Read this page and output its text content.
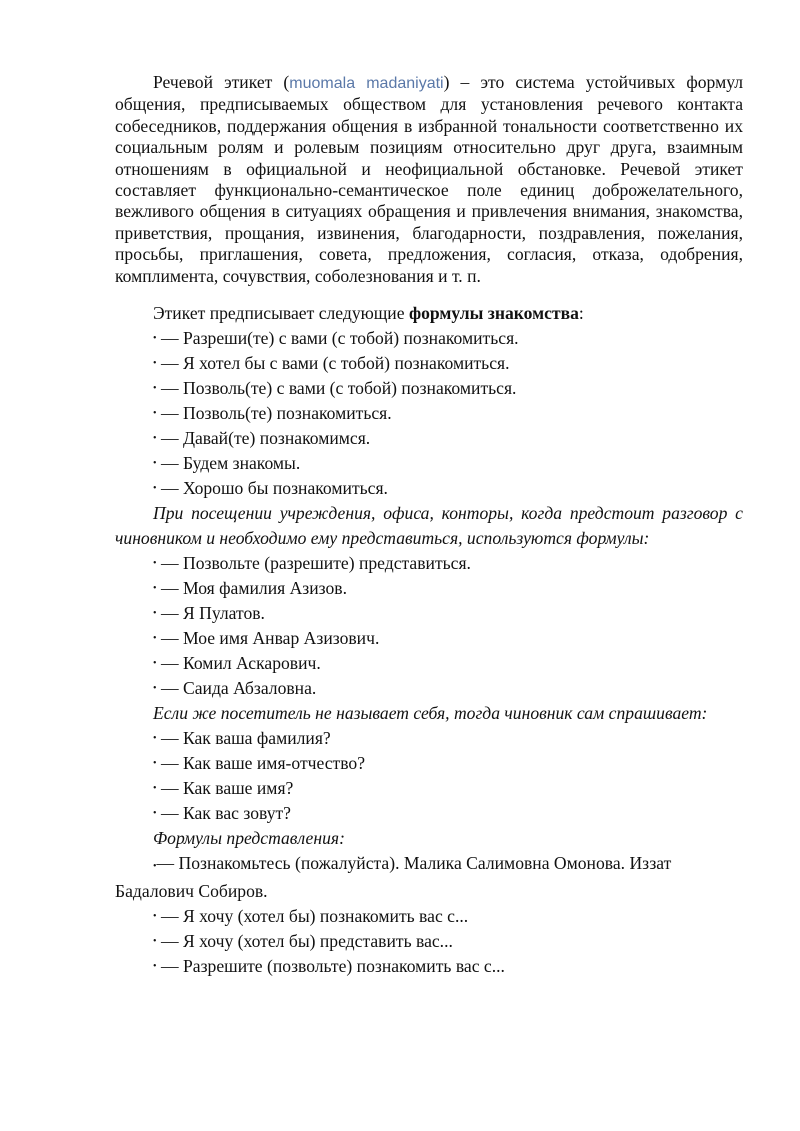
Речевой этикет (muomala madaniyati) – это система устойчивых формул общения, предписываемых обществом для установления речевого контакта собеседников, поддержания общения в избранной тональности соответственно их социальным ролям и ролевым позициям относительно друг друга, взаимным отношениям в официальной и неофициальной обстановке. Речевой этикет составляет функционально-семантическое поле единиц доброжелательного, вежливого общения в ситуациях обращения и привлечения внимания, знакомства, приветствия, прощания, извинения, благодарности, поздравления, пожелания, просьбы, приглашения, совета, предложения, согласия, отказа, одобрения, комплимента, сочувствия, соболезнования и т. п.

Этикет предписывает следующие формулы знакомства:

• — Разреши(те) с вами (с тобой) познакомиться.
• — Я хотел бы с вами (с тобой) познакомиться.
• — Позволь(те) с вами (с тобой) познакомиться.
• — Позволь(те) познакомиться.
• — Давай(те) познакомимся.
• — Будем знакомы.
• — Хорошо бы познакомиться.

При посещении учреждения, офиса, конторы, когда предстоит разговор с чиновником и необходимо ему представиться, используются формулы:

• — Позвольте (разрешите) представиться.
• — Моя фамилия Азизов.
• — Я Пулатов.
• — Мое имя Анвар Азизович.
• — Комил Аскарович.
• — Саида Абзаловна.

Если же посетитель не называет себя, тогда чиновник сам спрашивает:

• — Как ваша фамилия?
• — Как ваше имя-отчество?
• — Как ваше имя?
• — Как вас зовут?

Формулы представления:

•— Познакомьтесь (пожалуйста). Малика Салимовна Омонова. Иззат

Бадалович Собиров.

• — Я хочу (хотел бы) познакомить вас с...
• — Я хочу (хотел бы) представить вас...
• — Разрешите (позвольте) познакомить вас с...
